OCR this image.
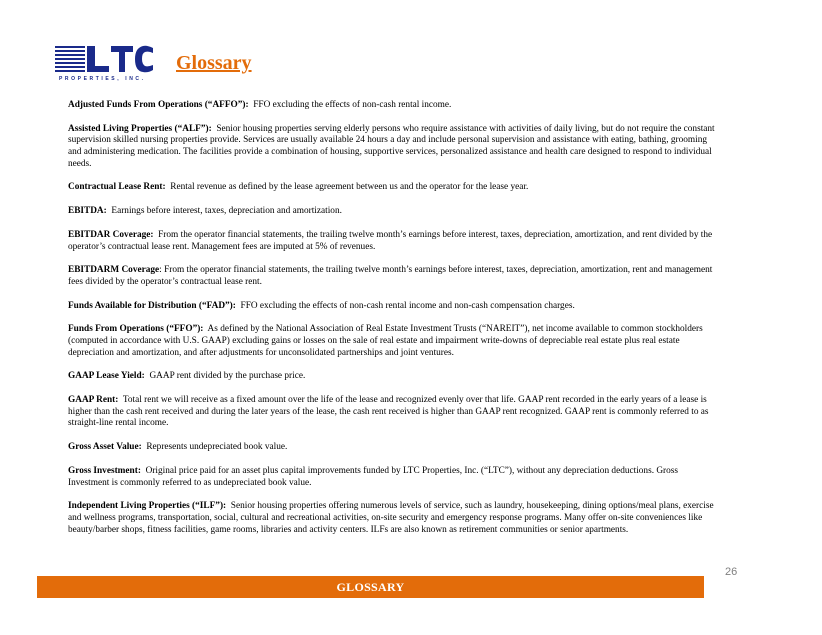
PROPERTIES, INC.
Glossary

Adjusted Funds From Operations (“AFFO”): FFO excluding the effects of non-cash rental income.

Assisted Living Properties (“ALF”): Senior housing properties serving elderly persons who require assistance with activities of daily living, but do not require the constant supervision skilled nursing properties provide. Services are usually available 24 hours a day and include personal supervision and assistance with eating, bathing, grooming and administering medication. The facilities provide a combination of housing, supportive services, personalized assistance and health care designed to respond to individual needs.

Contractual Lease Rent: Rental revenue as defined by the lease agreement between us and the operator for the lease year.

EBITDA: Earnings before interest, taxes, depreciation and amortization.

EBITDAR Coverage: From the operator financial statements, the trailing twelve month’s earnings before interest, taxes, depreciation, amortization, and rent divided by the operator’s contractual lease rent. Management fees are imputed at 5% of revenues.

EBITDARM Coverage: From the operator financial statements, the trailing twelve month’s earnings before interest, taxes, depreciation, amortization, rent and management fees divided by the operator’s contractual lease rent.

Funds Available for Distribution (“FAD”): FFO excluding the effects of non-cash rental income and non-cash compensation charges.

Funds From Operations (“FFO”): As defined by the National Association of Real Estate Investment Trusts (“NAREIT”), net income available to common stockholders (computed in accordance with U.S. GAAP) excluding gains or losses on the sale of real estate and impairment write-downs of depreciable real estate plus real estate depreciation and amortization, and after adjustments for unconsolidated partnerships and joint ventures.

GAAP Lease Yield: GAAP rent divided by the purchase price.

GAAP Rent: Total rent we will receive as a fixed amount over the life of the lease and recognized evenly over that life. GAAP rent recorded in the early years of a lease is higher than the cash rent received and during the later years of the lease, the cash rent received is higher than GAAP rent recognized. GAAP rent is commonly referred to as straight-line rental income.

Gross Asset Value: Represents undepreciated book value.

Gross Investment: Original price paid for an asset plus capital improvements funded by LTC Properties, Inc. (“LTC”), without any depreciation deductions. Gross Investment is commonly referred to as undepreciated book value.

Independent Living Properties (“ILF”): Senior housing properties offering numerous levels of service, such as laundry, housekeeping, dining options/meal plans, exercise and wellness programs, transportation, social, cultural and recreational activities, on-site security and emergency response programs. Many offer on-site conveniences like beauty/barber shops, fitness facilities, game rooms, libraries and activity centers. ILFs are also known as retirement communities or senior apartments.

26
GLOSSARY
